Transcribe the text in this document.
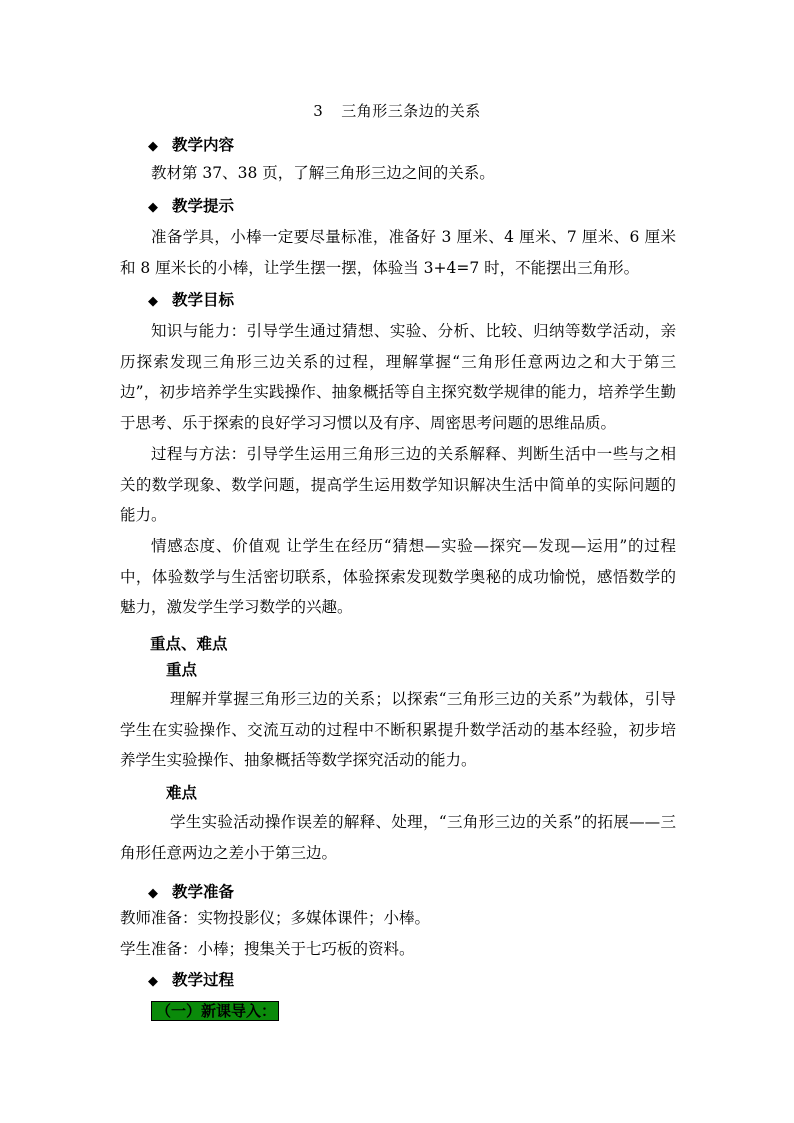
3 三角形三条边的关系
◆ 教学内容
教材第 37、38 页，了解三角形三边之间的关系。
◆ 教学提示
准备学具，小棒一定要尽量标准，准备好 3 厘米、4 厘米、7 厘米、6 厘米和 8 厘米长的小棒，让学生摆一摆，体验当 3+4=7 时，不能摆出三角形。
◆ 教学目标
知识与能力：引导学生通过猜想、实验、分析、比较、归纳等数学活动，亲历探索发现三角形三边关系的过程，理解掌握“三角形任意两边之和大于第三边”，初步培养学生实践操作、抽象概括等自主探究数学规律的能力，培养学生勤于思考、乐于探索的良好学习习惯以及有序、周密思考问题的思维品质。
过程与方法：引导学生运用三角形三边的关系解释、判断生活中一些与之相关的数学现象、数学问题，提高学生运用数学知识解决生活中简单的实际问题的能力。
情感态度、价值观 让学生在经历“猜想—实验—探究—发现—运用”的过程中，体验数学与生活密切联系，体验探索发现数学奥秘的成功愉悦，感悟数学的魅力，激发学生学习数学的兴趣。
重点、难点
重点
理解并掌握三角形三边的关系；以探索“三角形三边的关系”为载体，引导学生在实验操作、交流互动的过程中不断积累提升数学活动的基本经验，初步培养学生实验操作、抽象概括等数学探究活动的能力。
难点
学生实验活动操作误差的解释、处理，“三角形三边的关系”的拓展——三角形任意两边之差小于第三边。
◆ 教学准备
教师准备：实物投影仪；多媒体课件；小棒。
学生准备：小棒；搜集关于七巧板的资料。
◆ 教学过程
（一）新课导入：
